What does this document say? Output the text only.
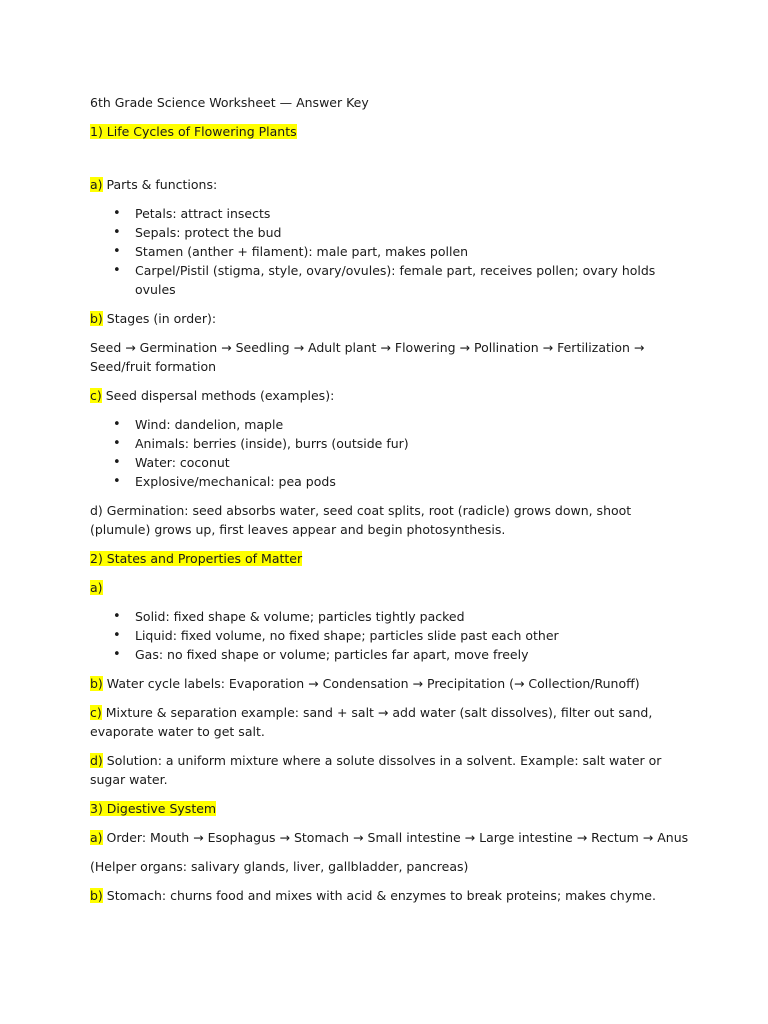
6th Grade Science Worksheet — Answer Key

1) Life Cycles of Flowering Plants

a) Parts & functions:

• Petals: attract insects
• Sepals: protect the bud
• Stamen (anther + filament): male part, makes pollen
• Carpel/Pistil (stigma, style, ovary/ovules): female part, receives pollen; ovary holds ovules

b) Stages (in order):

Seed → Germination → Seedling → Adult plant → Flowering → Pollination → Fertilization → Seed/fruit formation

c) Seed dispersal methods (examples):

• Wind: dandelion, maple
• Animals: berries (inside), burrs (outside fur)
• Water: coconut
• Explosive/mechanical: pea pods

d) Germination: seed absorbs water, seed coat splits, root (radicle) grows down, shoot (plumule) grows up, first leaves appear and begin photosynthesis.

2) States and Properties of Matter

a)

• Solid: fixed shape & volume; particles tightly packed
• Liquid: fixed volume, no fixed shape; particles slide past each other
• Gas: no fixed shape or volume; particles far apart, move freely

b) Water cycle labels: Evaporation → Condensation → Precipitation (→ Collection/Runoff)

c) Mixture & separation example: sand + salt → add water (salt dissolves), filter out sand, evaporate water to get salt.

d) Solution: a uniform mixture where a solute dissolves in a solvent. Example: salt water or sugar water.

3) Digestive System

a) Order: Mouth → Esophagus → Stomach → Small intestine → Large intestine → Rectum → Anus

(Helper organs: salivary glands, liver, gallbladder, pancreas)

b) Stomach: churns food and mixes with acid & enzymes to break proteins; makes chyme.
